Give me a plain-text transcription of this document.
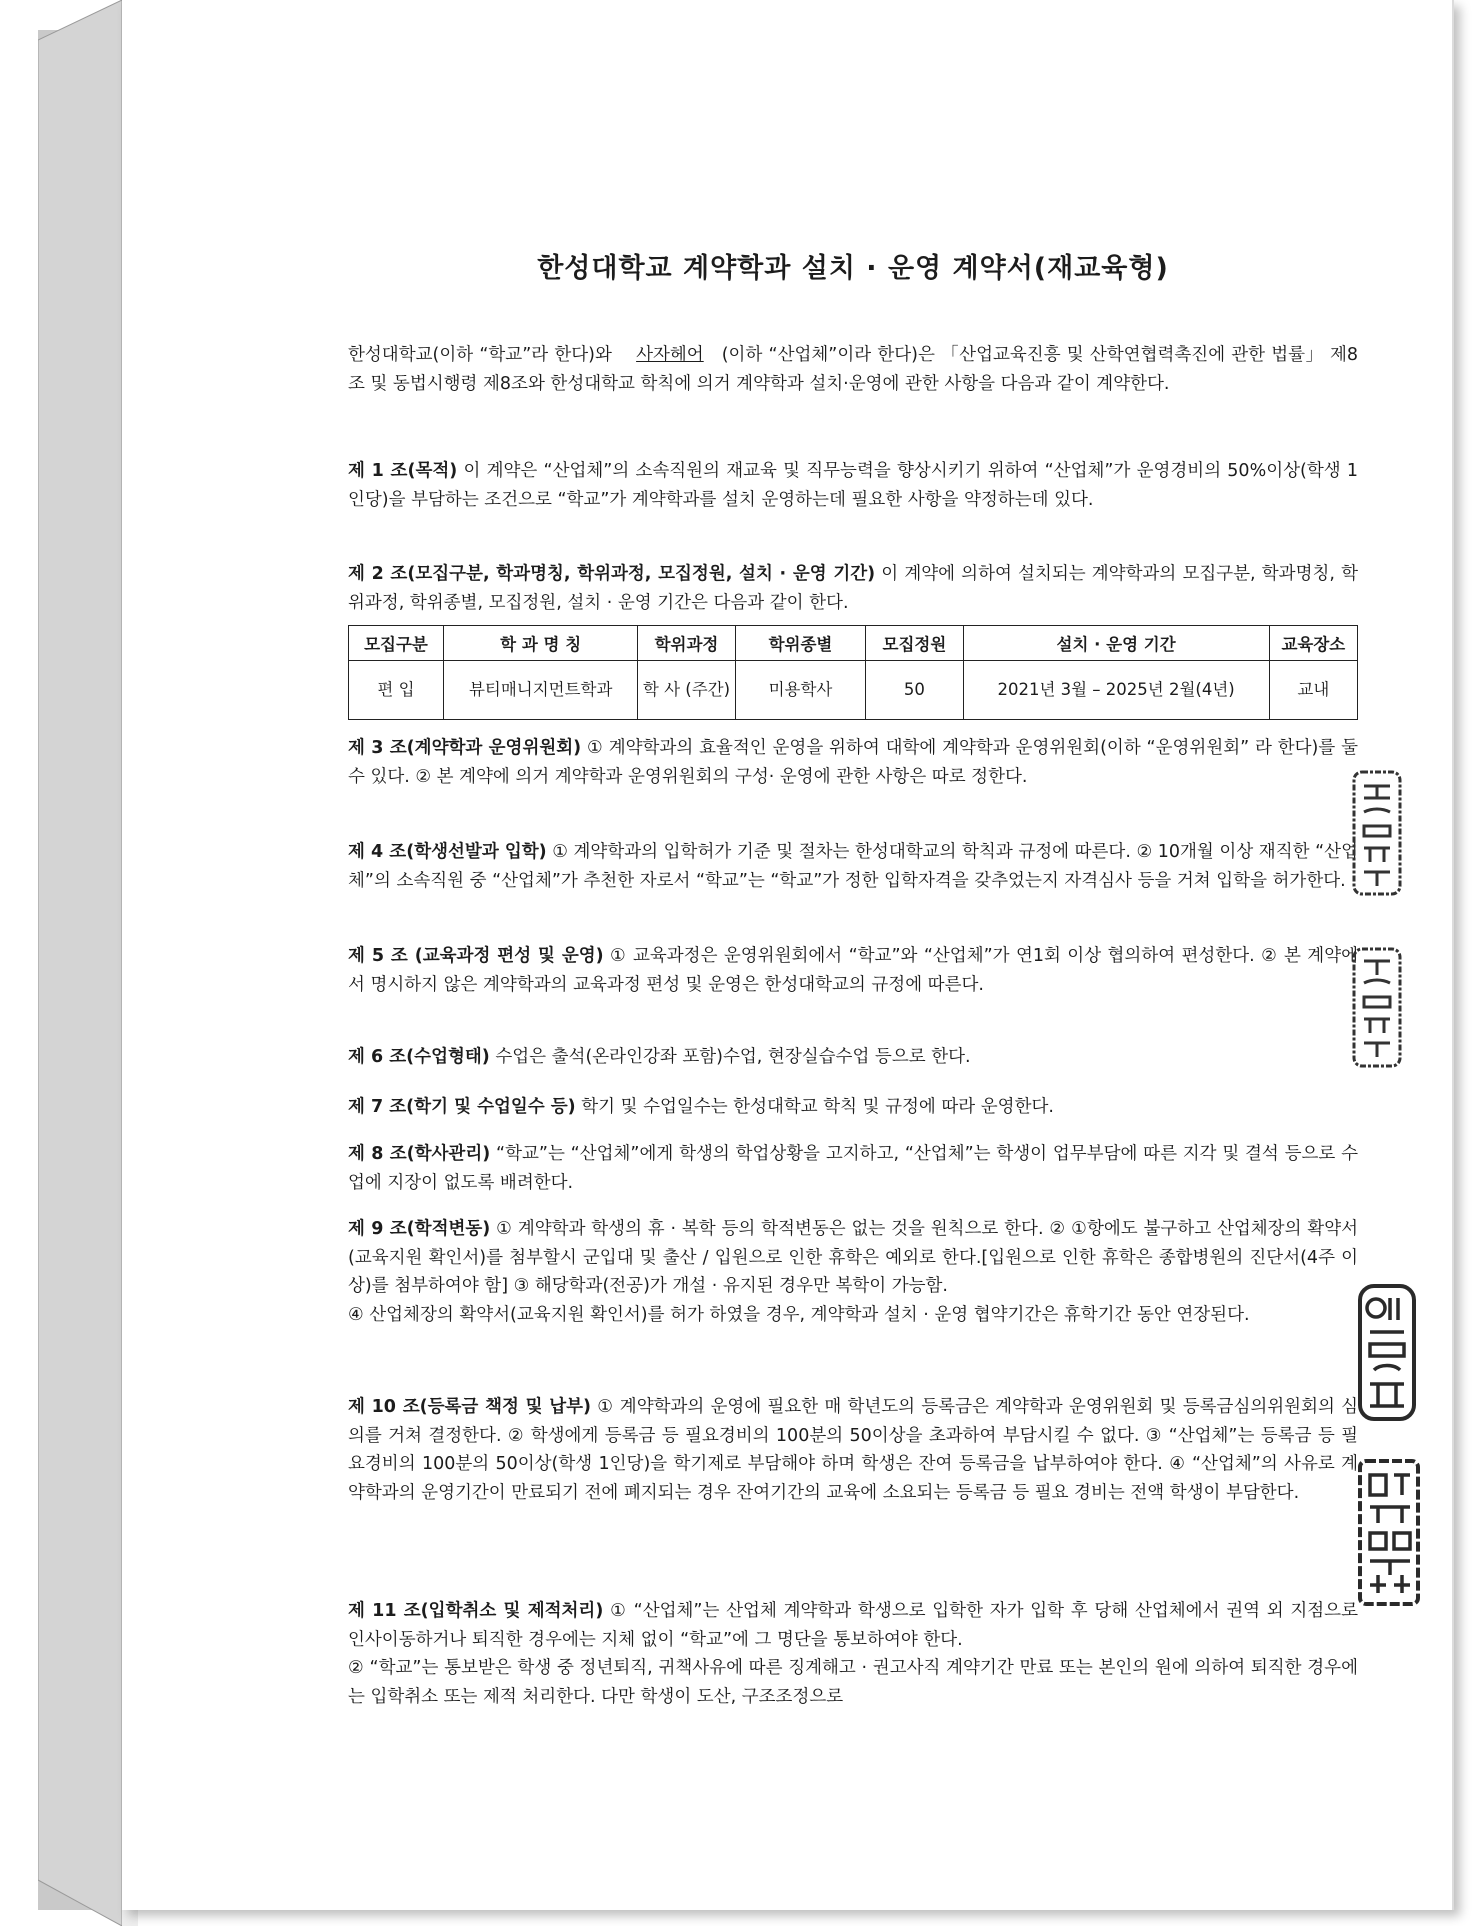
한성대학교 계약학과 설치 · 운영 계약서(재교육형)

한성대학교(이하 “학교”라 한다)와 사자헤어 (이하 “산업체”이라 한다)은 「산업교육진흥 및 산학연협력촉진에 관한 법률」 제8조 및 동법시행령 제8조와 한성대학교 학칙에 의거 계약학과 설치·운영에 관한 사항을 다음과 같이 계약한다.

제 1 조(목적) 이 계약은 “산업체”의 소속직원의 재교육 및 직무능력을 향상시키기 위하여 “산업체”가 운영경비의 50%이상(학생 1인당)을 부담하는 조건으로 “학교”가 계약학과를 설치 운영하는데 필요한 사항을 약정하는데 있다.

제 2 조(모집구분, 학과명칭, 학위과정, 모집정원, 설치 · 운영 기간) 이 계약에 의하여 설치되는 계약학과의 모집구분, 학과명칭, 학위과정, 학위종별, 모집정원, 설치 · 운영 기간은 다음과 같이 한다.

모집구분	학 과 명 칭	학위과정	학위종별	모집정원	설치 · 운영 기간	교육장소
편 입	뷰티매니지먼트학과	학 사 (주간)	미용학사	50	2021년 3월 – 2025년 2월(4년)	교내

제 3 조(계약학과 운영위원회) ① 계약학과의 효율적인 운영을 위하여 대학에 계약학과 운영위원회(이하 “운영위원회” 라 한다)를 둘 수 있다. ② 본 계약에 의거 계약학과 운영위원회의 구성· 운영에 관한 사항은 따로 정한다.

제 4 조(학생선발과 입학) ① 계약학과의 입학허가 기준 및 절차는 한성대학교의 학칙과 규정에 따른다. ② 10개월 이상 재직한 “산업체”의 소속직원 중 “산업체”가 추천한 자로서 “학교”는 “학교”가 정한 입학자격을 갖추었는지 자격심사 등을 거쳐 입학을 허가한다.

제 5 조 (교육과정 편성 및 운영) ① 교육과정은 운영위원회에서 “학교”와 “산업체”가 연1회 이상 협의하여 편성한다. ② 본 계약에서 명시하지 않은 계약학과의 교육과정 편성 및 운영은 한성대학교의 규정에 따른다.

제 6 조(수업형태) 수업은 출석(온라인강좌 포함)수업, 현장실습수업 등으로 한다.

제 7 조(학기 및 수업일수 등) 학기 및 수업일수는 한성대학교 학칙 및 규정에 따라 운영한다.

제 8 조(학사관리) “학교”는 “산업체”에게 학생의 학업상황을 고지하고, “산업체”는 학생이 업무부담에 따른 지각 및 결석 등으로 수업에 지장이 없도록 배려한다.

제 9 조(학적변동) ① 계약학과 학생의 휴 · 복학 등의 학적변동은 없는 것을 원칙으로 한다. ② ①항에도 불구하고 산업체장의 확약서(교육지원 확인서)를 첨부할시 군입대 및 출산 / 입원으로 인한 휴학은 예외로 한다.[입원으로 인한 휴학은 종합병원의 진단서(4주 이상)를 첨부하여야 함] ③ 해당학과(전공)가 개설 · 유지된 경우만 복학이 가능함.
④ 산업체장의 확약서(교육지원 확인서)를 허가 하였을 경우, 계약학과 설치 · 운영 협약기간은 휴학기간 동안 연장된다.

제 10 조(등록금 책정 및 납부) ① 계약학과의 운영에 필요한 매 학년도의 등록금은 계약학과 운영위원회 및 등록금심의위원회의 심의를 거쳐 결정한다. ② 학생에게 등록금 등 필요경비의 100분의 50이상을 초과하여 부담시킬 수 없다. ③ “산업체”는 등록금 등 필요경비의 100분의 50이상(학생 1인당)을 학기제로 부담해야 하며 학생은 잔여 등록금을 납부하여야 한다. ④ “산업체”의 사유로 계약학과의 운영기간이 만료되기 전에 폐지되는 경우 잔여기간의 교육에 소요되는 등록금 등 필요 경비는 전액 학생이 부담한다.

제 11 조(입학취소 및 제적처리) ① “산업체”는 산업체 계약학과 학생으로 입학한 자가 입학 후 당해 산업체에서 권역 외 지점으로 인사이동하거나 퇴직한 경우에는 지체 없이 “학교”에 그 명단을 통보하여야 한다.
② “학교”는 통보받은 학생 중 정년퇴직, 귀책사유에 따른 징계해고 · 권고사직 계약기간 만료 또는 본인의 원에 의하여 퇴직한 경우에는 입학취소 또는 제적 처리한다. 다만 학생이 도산, 구조조정으로
